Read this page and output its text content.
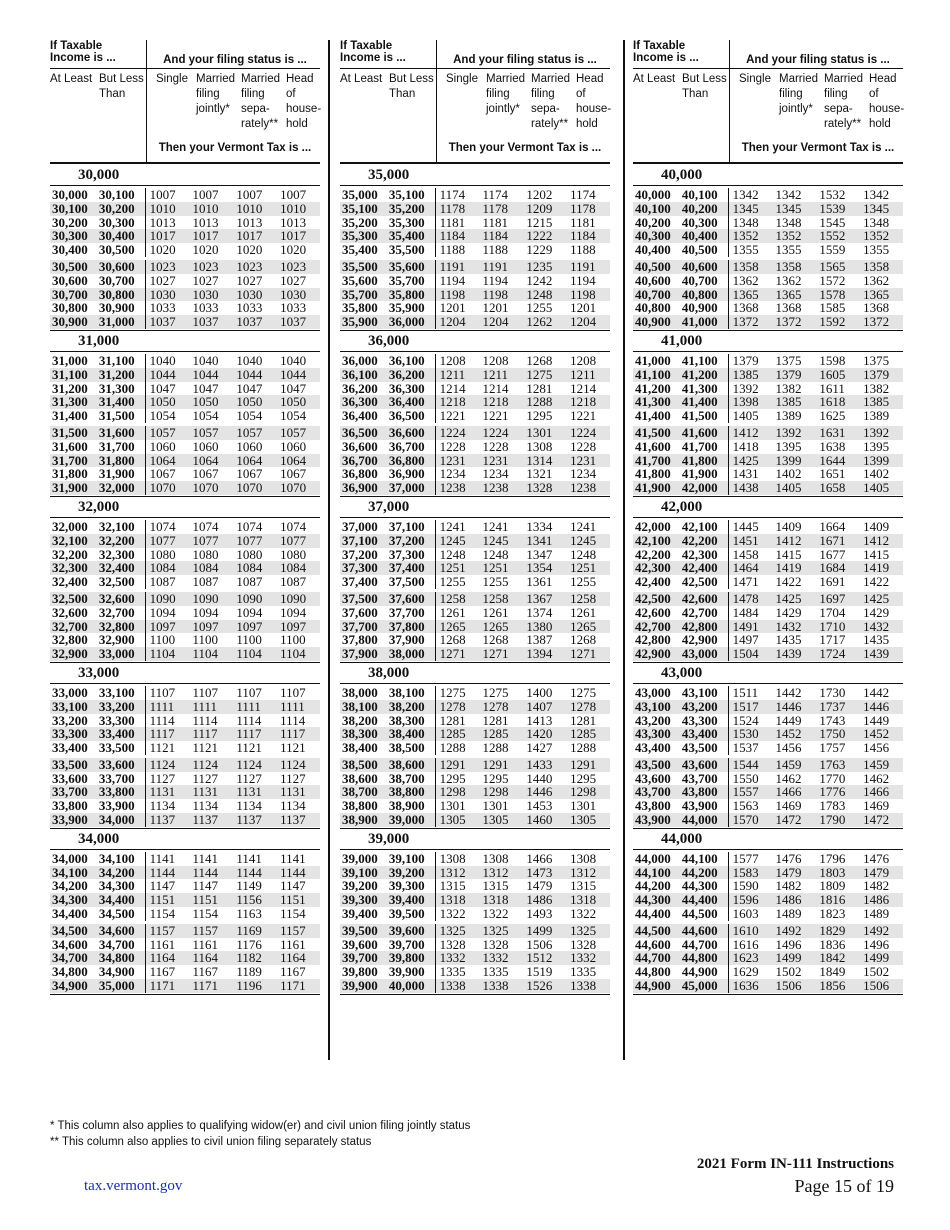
If Taxable
Income is ...	And your filing status is ...
At Least But Less
Than
Single Married
filing
jointly*
Married
filing
sepa-
rately**
Head of
house-
hold
Then your Vermont Tax is ...
30,000
30,000 30,100	1007	1007	1007	1007
30,100 30,200	1010	1010	1010	1010
30,200 30,300	1013	1013	1013	1013
30,300 30,400	1017	1017	1017	1017
30,400 30,500	1020	1020	1020	1020
30,500 30,600	1023	1023	1023	1023
30,600 30,700	1027	1027	1027	1027
30,700 30,800	1030	1030	1030	1030
30,800 30,900	1033	1033	1033	1033
30,900 31,000	1037	1037	1037	1037
31,000
31,000 31,100	1040	1040	1040	1040
31,100 31,200	1044	1044	1044	1044
31,200 31,300	1047	1047	1047	1047
31,300 31,400	1050	1050	1050	1050
31,400 31,500	1054	1054	1054	1054
31,500 31,600	1057	1057	1057	1057
31,600 31,700	1060	1060	1060	1060
31,700 31,800	1064	1064	1064	1064
31,800 31,900	1067	1067	1067	1067
31,900 32,000	1070	1070	1070	1070
32,000
32,000 32,100	1074	1074	1074	1074
32,100 32,200	1077	1077	1077	1077
32,200 32,300	1080	1080	1080	1080
32,300 32,400	1084	1084	1084	1084
32,400 32,500	1087	1087	1087	1087
32,500 32,600	1090	1090	1090	1090
32,600 32,700	1094	1094	1094	1094
32,700 32,800	1097	1097	1097	1097
32,800 32,900	1100	1100	1100	1100
32,900 33,000	1104	1104	1104	1104
33,000
33,000 33,100	1107	1107	1107	1107
33,100 33,200	1111	1111	1111	1111
33,200 33,300	1114	1114	1114	1114
33,300 33,400	1117	1117	1117	1117
33,400 33,500	1121	1121	1121	1121
33,500 33,600	1124	1124	1124	1124
33,600 33,700	1127	1127	1127	1127
33,700 33,800	1131	1131	1131	1131
33,800 33,900	1134	1134	1134	1134
33,900 34,000	1137	1137	1137	1137
34,000
34,000 34,100	1141	1141	1141	1141
34,100 34,200	1144	1144	1144	1144
34,200 34,300	1147	1147	1149	1147
34,300 34,400	1151	1151	1156	1151
34,400 34,500	1154	1154	1163	1154
34,500 34,600	1157	1157	1169	1157
34,600 34,700	1161	1161	1176	1161
34,700 34,800	1164	1164	1182	1164
34,800 34,900	1167	1167	1189	1167
34,900 35,000	1171	1171	1196	1171
If Taxable
Income is ...	And your filing status is ...
At Least But Less
Than
Single Married
filing
jointly*
Married
filing
sepa-
rately**
Head of
house-
hold
Then your Vermont Tax is ...
35,000
35,000 35,100	1174	1174	1202	1174
35,100 35,200	1178	1178	1209	1178
35,200 35,300	1181	1181	1215	1181
35,300 35,400	1184	1184	1222	1184
35,400 35,500	1188	1188	1229	1188
35,500 35,600	1191	1191	1235	1191
35,600 35,700	1194	1194	1242	1194
35,700 35,800	1198	1198	1248	1198
35,800 35,900	1201	1201	1255	1201
35,900 36,000	1204	1204	1262	1204
36,000
36,000 36,100	1208	1208	1268	1208
36,100 36,200	1211	1211	1275	1211
36,200 36,300	1214	1214	1281	1214
36,300 36,400	1218	1218	1288	1218
36,400 36,500	1221	1221	1295	1221
36,500 36,600	1224	1224	1301	1224
36,600 36,700	1228	1228	1308	1228
36,700 36,800	1231	1231	1314	1231
36,800 36,900	1234	1234	1321	1234
36,900 37,000	1238	1238	1328	1238
37,000
37,000 37,100	1241	1241	1334	1241
37,100 37,200	1245	1245	1341	1245
37,200 37,300	1248	1248	1347	1248
37,300 37,400	1251	1251	1354	1251
37,400 37,500	1255	1255	1361	1255
37,500 37,600	1258	1258	1367	1258
37,600 37,700	1261	1261	1374	1261
37,700 37,800	1265	1265	1380	1265
37,800 37,900	1268	1268	1387	1268
37,900 38,000	1271	1271	1394	1271
38,000
38,000 38,100	1275	1275	1400	1275
38,100 38,200	1278	1278	1407	1278
38,200 38,300	1281	1281	1413	1281
38,300 38,400	1285	1285	1420	1285
38,400 38,500	1288	1288	1427	1288
38,500 38,600	1291	1291	1433	1291
38,600 38,700	1295	1295	1440	1295
38,700 38,800	1298	1298	1446	1298
38,800 38,900	1301	1301	1453	1301
38,900 39,000	1305	1305	1460	1305
39,000
39,000 39,100	1308	1308	1466	1308
39,100 39,200	1312	1312	1473	1312
39,200 39,300	1315	1315	1479	1315
39,300 39,400	1318	1318	1486	1318
39,400 39,500	1322	1322	1493	1322
39,500 39,600	1325	1325	1499	1325
39,600 39,700	1328	1328	1506	1328
39,700 39,800	1332	1332	1512	1332
39,800 39,900	1335	1335	1519	1335
39,900 40,000	1338	1338	1526	1338
If Taxable
Income is ...	And your filing status is ...
At Least But Less
Than
Single Married
filing
jointly*
Married
filing
sepa-
rately**
Head of
house-
hold
Then your Vermont Tax is ...
40,000
40,000 40,100	1342	1342	1532	1342
40,100 40,200	1345	1345	1539	1345
40,200 40,300	1348	1348	1545	1348
40,300 40,400	1352	1352	1552	1352
40,400 40,500	1355	1355	1559	1355
40,500 40,600	1358	1358	1565	1358
40,600 40,700	1362	1362	1572	1362
40,700 40,800	1365	1365	1578	1365
40,800 40,900	1368	1368	1585	1368
40,900 41,000	1372	1372	1592	1372
41,000
41,000 41,100	1379	1375	1598	1375
41,100 41,200	1385	1379	1605	1379
41,200 41,300	1392	1382	1611	1382
41,300 41,400	1398	1385	1618	1385
41,400 41,500	1405	1389	1625	1389
41,500 41,600	1412	1392	1631	1392
41,600 41,700	1418	1395	1638	1395
41,700 41,800	1425	1399	1644	1399
41,800 41,900	1431	1402	1651	1402
41,900 42,000	1438	1405	1658	1405
42,000
42,000 42,100	1445	1409	1664	1409
42,100 42,200	1451	1412	1671	1412
42,200 42,300	1458	1415	1677	1415
42,300 42,400	1464	1419	1684	1419
42,400 42,500	1471	1422	1691	1422
42,500 42,600	1478	1425	1697	1425
42,600 42,700	1484	1429	1704	1429
42,700 42,800	1491	1432	1710	1432
42,800 42,900	1497	1435	1717	1435
42,900 43,000	1504	1439	1724	1439
43,000
43,000 43,100	1511	1442	1730	1442
43,100 43,200	1517	1446	1737	1446
43,200 43,300	1524	1449	1743	1449
43,300 43,400	1530	1452	1750	1452
43,400 43,500	1537	1456	1757	1456
43,500 43,600	1544	1459	1763	1459
43,600 43,700	1550	1462	1770	1462
43,700 43,800	1557	1466	1776	1466
43,800 43,900	1563	1469	1783	1469
43,900 44,000	1570	1472	1790	1472
44,000
44,000 44,100	1577	1476	1796	1476
44,100 44,200	1583	1479	1803	1479
44,200 44,300	1590	1482	1809	1482
44,300 44,400	1596	1486	1816	1486
44,400 44,500	1603	1489	1823	1489
44,500 44,600	1610	1492	1829	1492
44,600 44,700	1616	1496	1836	1496
44,700 44,800	1623	1499	1842	1499
44,800 44,900	1629	1502	1849	1502
44,900 45,000	1636	1506	1856	1506
* This column also applies to qualifying widow(er) and civil union filing jointly status
** This column also applies to civil union filing separately status
2021 Form IN-111 Instructions
Page 15 of 19
tax.vermont.gov
